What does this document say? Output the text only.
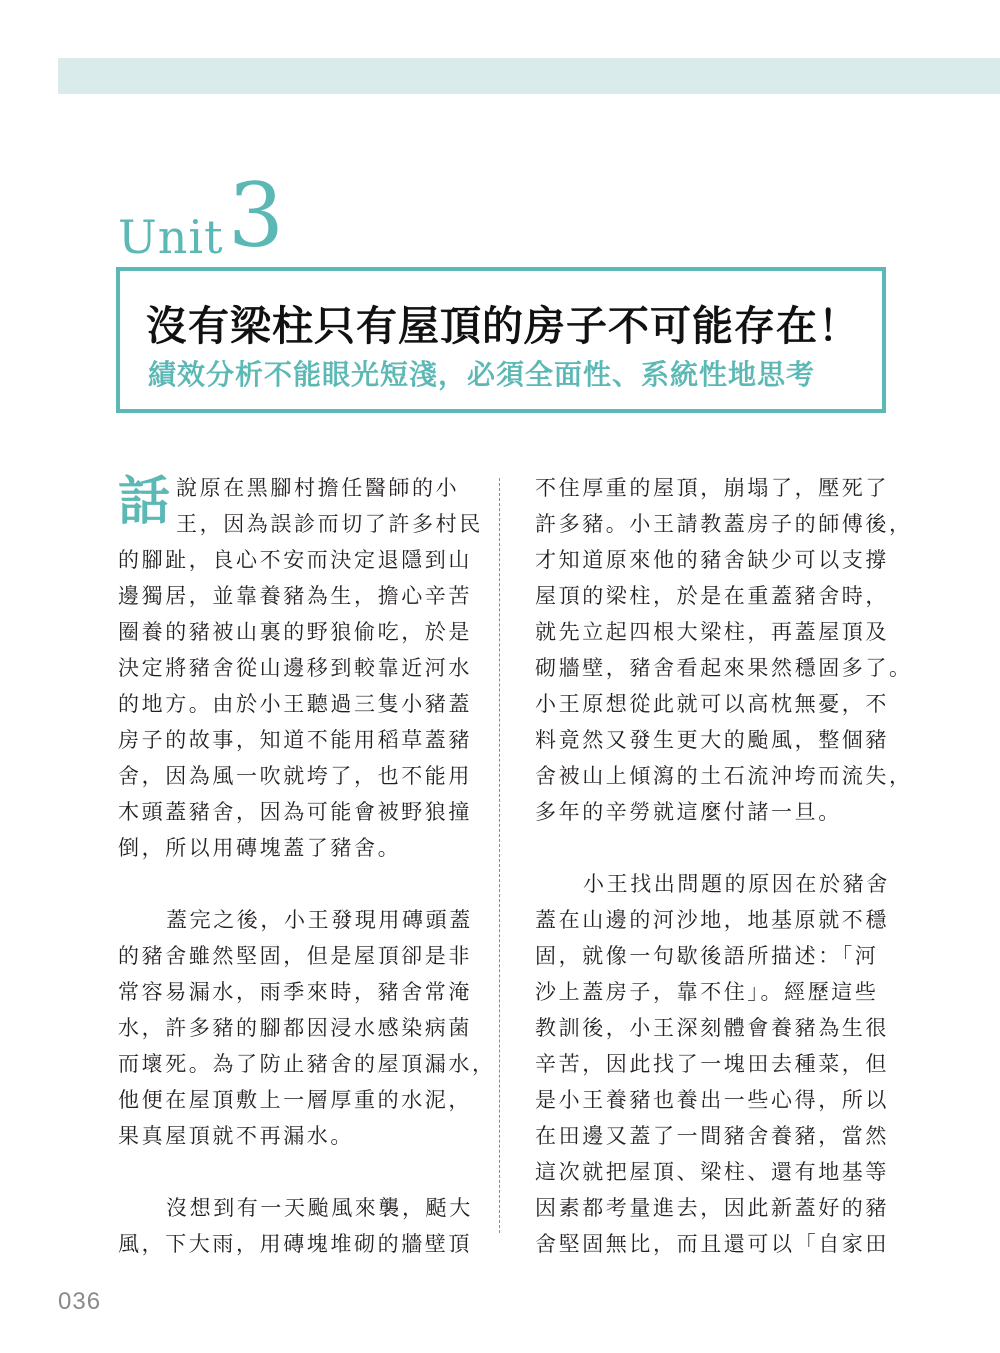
Unit 3
沒有梁柱只有屋頂的房子不可能存在！
績效分析不能眼光短淺，必須全面性、系統性地思考
話 說原在黑腳村擔任醫師的小
王，因為誤診而切了許多村民
的腳趾，良心不安而決定退隱到山
邊獨居，並靠養豬為生，擔心辛苦
圈養的豬被山裏的野狼偷吃，於是
決定將豬舍從山邊移到較靠近河水
的地方。由於小王聽過三隻小豬蓋
房子的故事，知道不能用稻草蓋豬
舍，因為風一吹就垮了，也不能用
木頭蓋豬舍，因為可能會被野狼撞
倒，所以用磚塊蓋了豬舍。
蓋完之後，小王發現用磚頭蓋
的豬舍雖然堅固，但是屋頂卻是非
常容易漏水，雨季來時，豬舍常淹
水，許多豬的腳都因浸水感染病菌
而壞死。為了防止豬舍的屋頂漏水，
他便在屋頂敷上一層厚重的水泥，
果真屋頂就不再漏水。
沒想到有一天颱風來襲，颳大
風，下大雨，用磚塊堆砌的牆壁頂
不住厚重的屋頂，崩塌了，壓死了
許多豬。小王請教蓋房子的師傅後，
才知道原來他的豬舍缺少可以支撐
屋頂的梁柱，於是在重蓋豬舍時，
就先立起四根大梁柱，再蓋屋頂及
砌牆壁，豬舍看起來果然穩固多了。
小王原想從此就可以高枕無憂，不
料竟然又發生更大的颱風，整個豬
舍被山上傾瀉的土石流沖垮而流失，
多年的辛勞就這麼付諸一旦。
小王找出問題的原因在於豬舍
蓋在山邊的河沙地，地基原就不穩
固，就像一句歇後語所描述：「河
沙上蓋房子，靠不住」。經歷這些
教訓後，小王深刻體會養豬為生很
辛苦，因此找了一塊田去種菜，但
是小王養豬也養出一些心得，所以
在田邊又蓋了一間豬舍養豬，當然
這次就把屋頂、梁柱、還有地基等
因素都考量進去，因此新蓋好的豬
舍堅固無比，而且還可以「自家田
036
